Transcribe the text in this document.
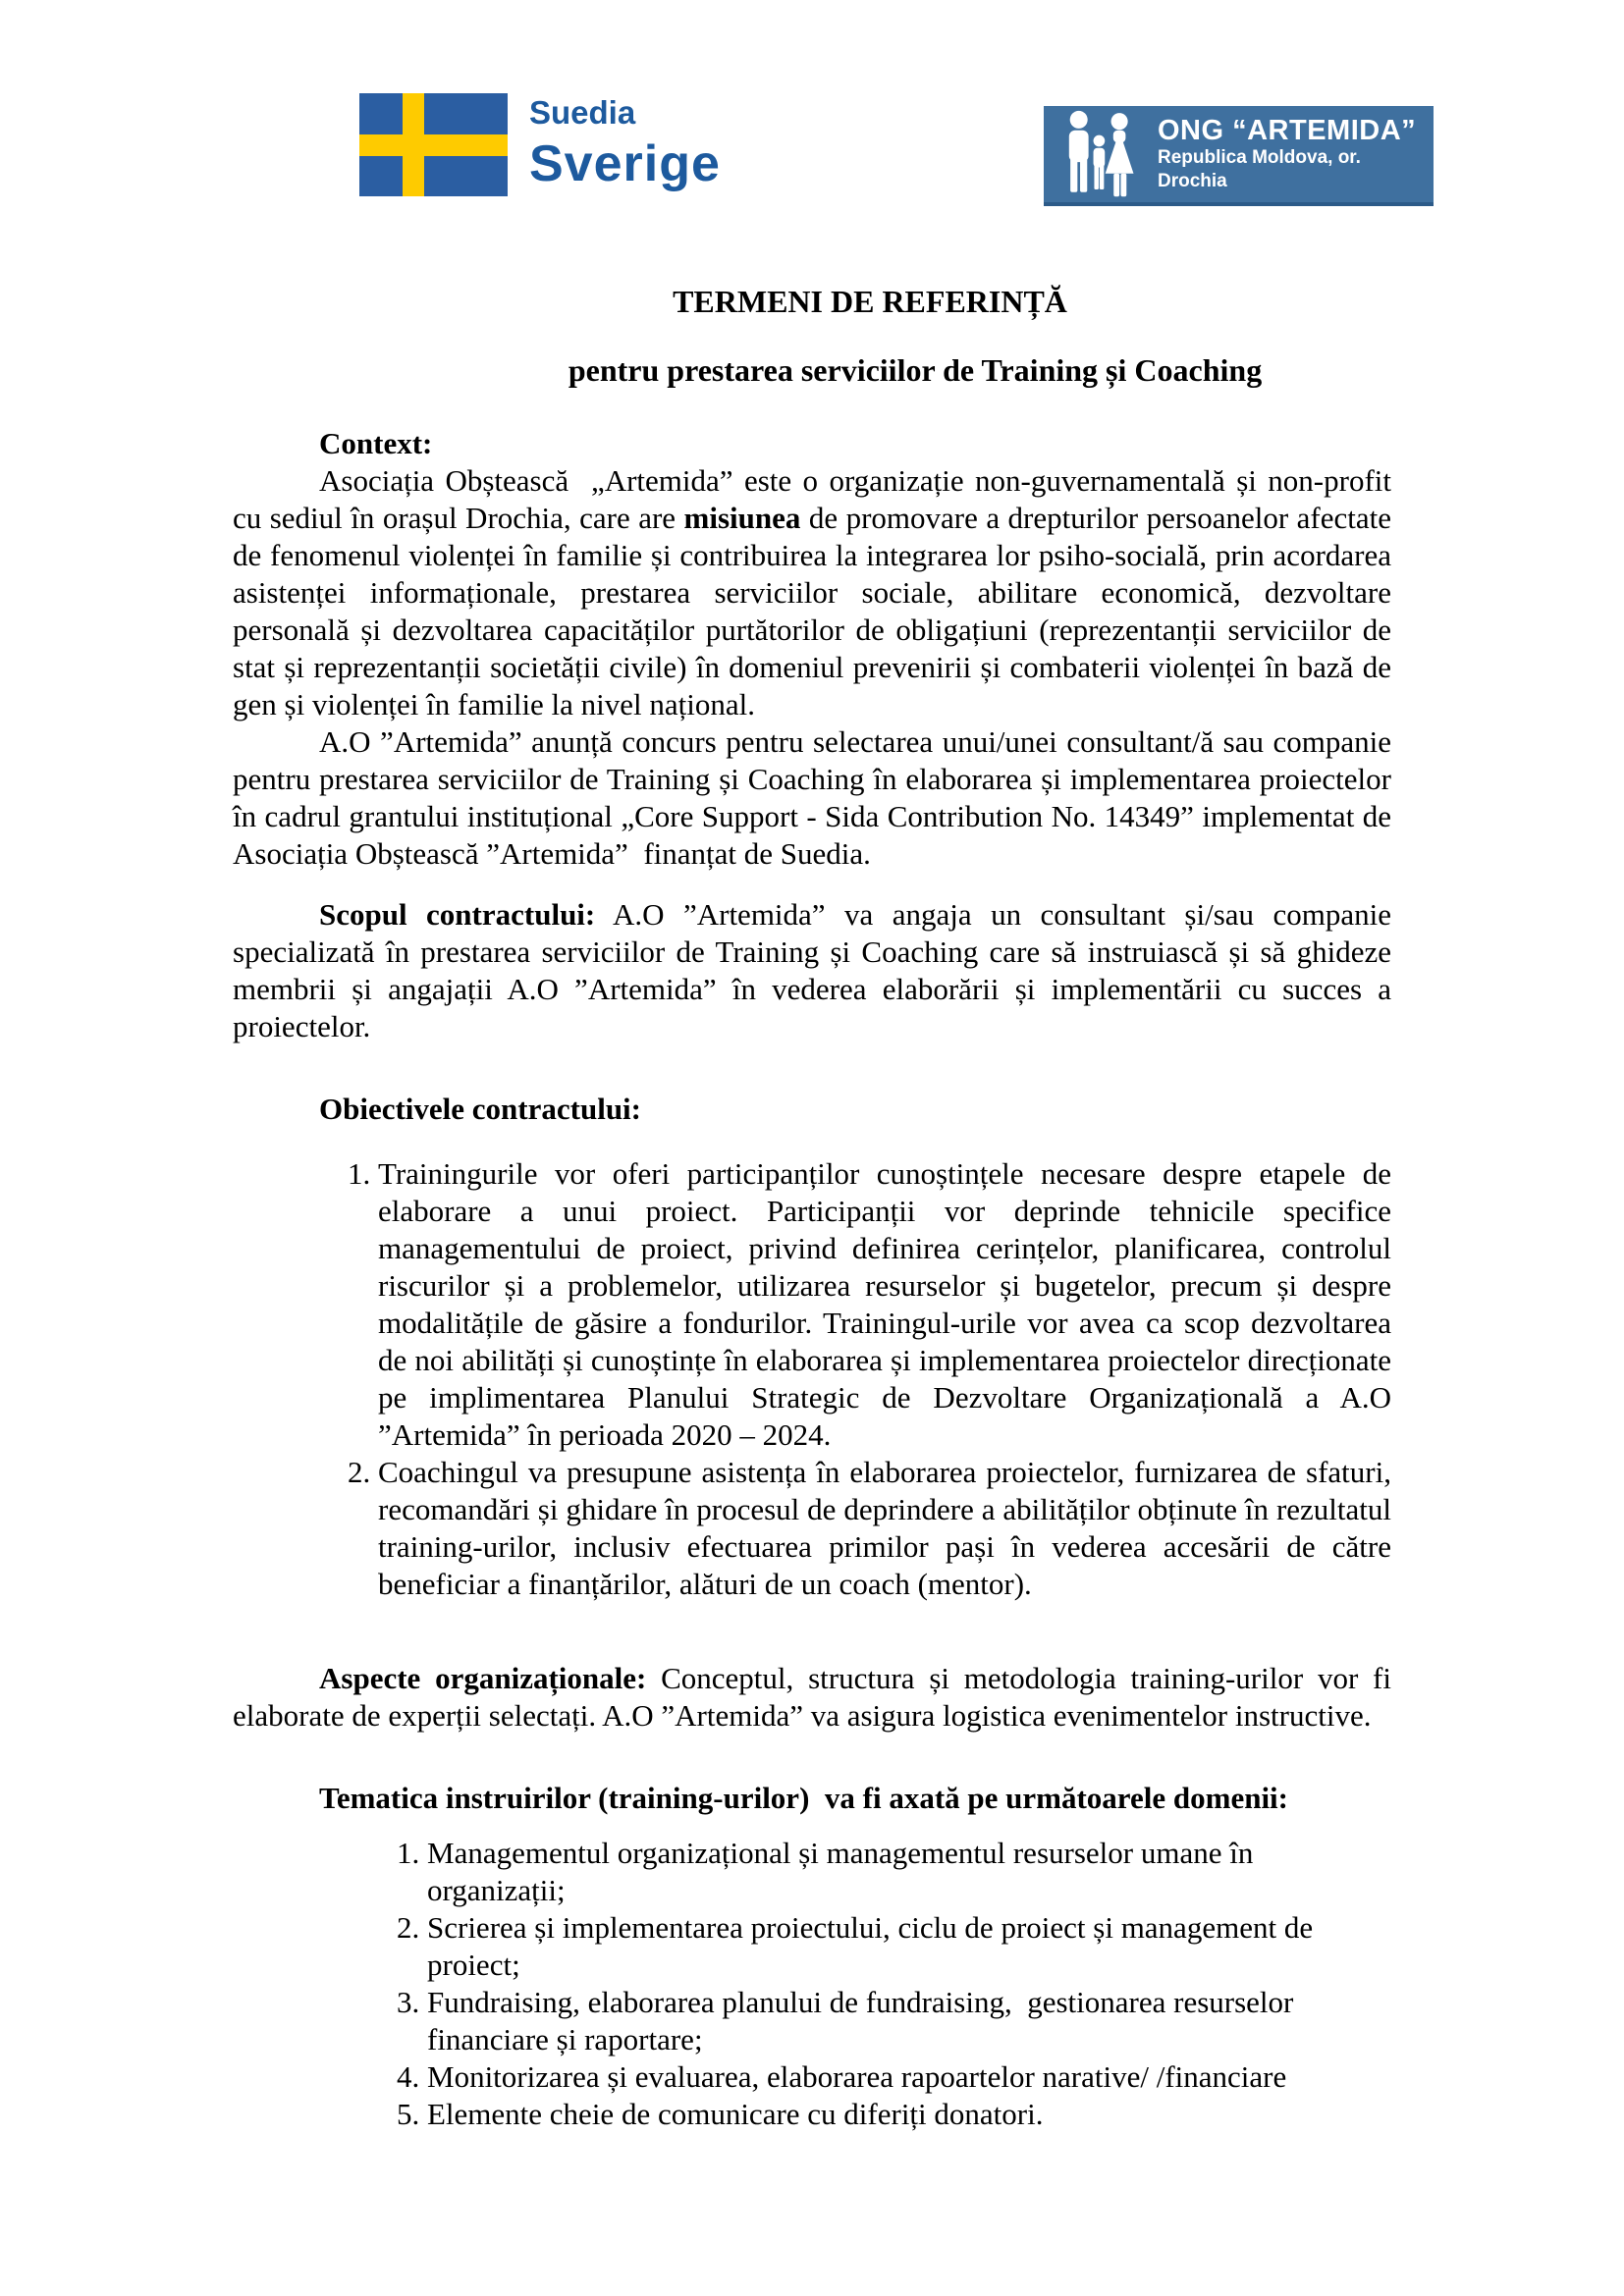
Suedia
Sverige
ONG “ARTEMIDA”
Republica Moldova, or. Drochia

TERMENI DE REFERINȚĂ

pentru prestarea serviciilor de Training și Coaching

Context:

Asociația Obștească  „Artemida” este o organizație non-guvernamentală și non-profit cu sediul în orașul Drochia, care are misiunea de promovare a drepturilor persoanelor afectate de fenomenul violenței în familie și contribuirea la integrarea lor psiho-socială, prin acordarea asistenței informaționale, prestarea serviciilor sociale, abilitare economică, dezvoltare personală și dezvoltarea capacităților purtătorilor de obligațiuni (reprezentanții serviciilor de stat și reprezentanții societății civile) în domeniul prevenirii și combaterii violenței în bază de gen și violenței în familie la nivel național.

A.O ”Artemida” anunță concurs pentru selectarea unui/unei consultant/ă sau companie pentru prestarea serviciilor de Training și Coaching în elaborarea și implementarea proiectelor în cadrul grantului instituțional „Core Support - Sida Contribution No. 14349” implementat de Asociația Obștească ”Artemida”  finanțat de Suedia.

Scopul contractului: A.O ”Artemida” va angaja un consultant și/sau companie specializată în prestarea serviciilor de Training și Coaching care să instruiască și să ghideze membrii și angajații A.O ”Artemida” în vederea elaborării și implementării cu succes a proiectelor.

Obiectivele contractului:

1. Trainingurile vor oferi participanților cunoștințele necesare despre etapele de elaborare a unui proiect. Participanții vor deprinde tehnicile specifice managementului de proiect, privind definirea cerințelor, planificarea, controlul riscurilor și a problemelor, utilizarea resurselor și bugetelor, precum și despre modalitățile de găsire a fondurilor. Trainingul-urile vor avea ca scop dezvoltarea de noi abilități și cunoștințe în elaborarea și implementarea proiectelor direcționate pe implimentarea Planului Strategic de Dezvoltare Organizațională a A.O ”Artemida” în perioada 2020 – 2024.
2. Coachingul va presupune asistența în elaborarea proiectelor, furnizarea de sfaturi, recomandări și ghidare în procesul de deprindere a abilităților obținute în rezultatul training-urilor, inclusiv efectuarea primilor pași în vederea accesării de către beneficiar a finanțărilor, alături de un coach (mentor).

Aspecte organizaționale: Conceptul, structura și metodologia training-urilor vor fi elaborate de experții selectați. A.O ”Artemida” va asigura logistica evenimentelor instructive.

Tematica instruirilor (training-urilor)  va fi axată pe următoarele domenii:

1. Managementul organizațional și managementul resurselor umane în organizații;
2. Scrierea și implementarea proiectului, ciclu de proiect și management de proiect;
3. Fundraising, elaborarea planului de fundraising,  gestionarea resurselor financiare și raportare;
4. Monitorizarea și evaluarea, elaborarea rapoartelor narative/ /financiare
5. Elemente cheie de comunicare cu diferiți donatori.
